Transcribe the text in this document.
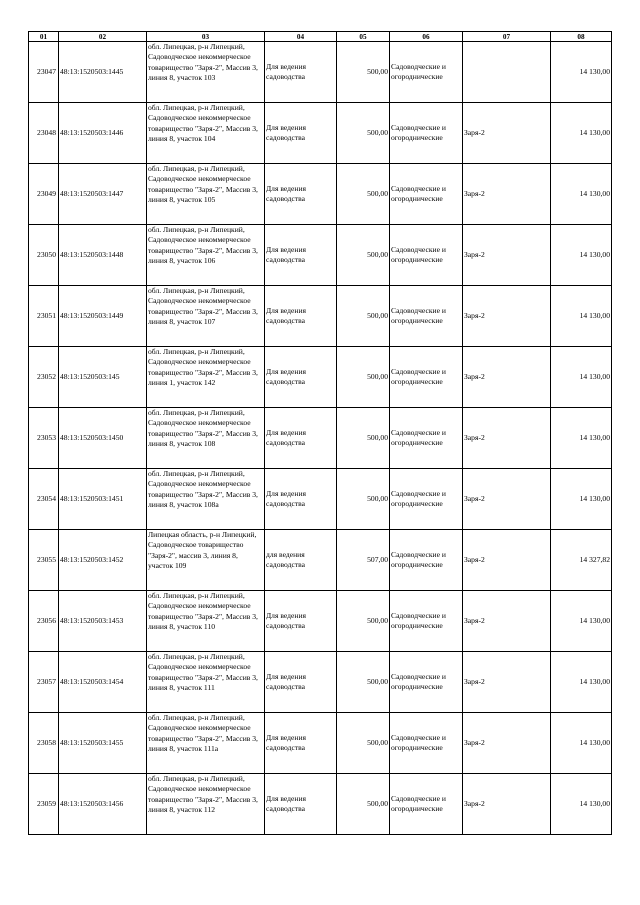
01	02	03	04	05	06	07	08
23047	48:13:1520503:1445	обл. Липецкая, р-н Липецкий, Садоводческое некоммерческое товарищество "Заря-2", Массив 3, линия 8, участок 103	Для ведения садоводства	500,00	Садоводческие и огороднические		14 130,00
23048	48:13:1520503:1446	обл. Липецкая, р-н Липецкий, Садоводческое некоммерческое товарищество "Заря-2", Массив 3, линия 8, участок 104	Для ведения садоводства	500,00	Садоводческие и огороднические	Заря-2	14 130,00
23049	48:13:1520503:1447	обл. Липецкая, р-н Липецкий, Садоводческое некоммерческое товарищество "Заря-2", Массив 3, линия 8, участок 105	Для ведения садоводства	500,00	Садоводческие и огороднические	Заря-2	14 130,00
23050	48:13:1520503:1448	обл. Липецкая, р-н Липецкий, Садоводческое некоммерческое товарищество "Заря-2", Массив 3, линия 8, участок 106	Для ведения садоводства	500,00	Садоводческие и огороднические	Заря-2	14 130,00
23051	48:13:1520503:1449	обл. Липецкая, р-н Липецкий, Садоводческое некоммерческое товарищество "Заря-2", Массив 3, линия 8, участок 107	Для ведения садоводства	500,00	Садоводческие и огороднические	Заря-2	14 130,00
23052	48:13:1520503:145	обл. Липецкая, р-н Липецкий, Садоводческое некоммерческое товарищество "Заря-2", Массив 3, линия 1, участок 142	Для ведения садоводства	500,00	Садоводческие и огороднические	Заря-2	14 130,00
23053	48:13:1520503:1450	обл. Липецкая, р-н Липецкий, Садоводческое некоммерческое товарищество "Заря-2", Массив 3, линия 8, участок 108	Для ведения садоводства	500,00	Садоводческие и огороднические	Заря-2	14 130,00
23054	48:13:1520503:1451	обл. Липецкая, р-н Липецкий, Садоводческое некоммерческое товарищество "Заря-2", Массив 3, линия 8, участок 108а	Для ведения садоводства	500,00	Садоводческие и огороднические	Заря-2	14 130,00
23055	48:13:1520503:1452	Липецкая область, р-н Липецкий, Садоводческое товарищество "Заря-2", массив 3, линия 8, участок 109	для ведения садоводства	507,00	Садоводческие и огороднические	Заря-2	14 327,82
23056	48:13:1520503:1453	обл. Липецкая, р-н Липецкий, Садоводческое некоммерческое товарищество "Заря-2", Массив 3, линия 8, участок 110	Для ведения садоводства	500,00	Садоводческие и огороднические	Заря-2	14 130,00
23057	48:13:1520503:1454	обл. Липецкая, р-н Липецкий, Садоводческое некоммерческое товарищество "Заря-2", Массив 3, линия 8, участок 111	Для ведения садоводства	500,00	Садоводческие и огороднические	Заря-2	14 130,00
23058	48:13:1520503:1455	обл. Липецкая, р-н Липецкий, Садоводческое некоммерческое товарищество "Заря-2", Массив 3, линия 8, участок 111а	Для ведения садоводства	500,00	Садоводческие и огороднические	Заря-2	14 130,00
23059	48:13:1520503:1456	обл. Липецкая, р-н Липецкий, Садоводческое некоммерческое товарищество "Заря-2", Массив 3, линия 8, участок 112	Для ведения садоводства	500,00	Садоводческие и огороднические	Заря-2	14 130,00
